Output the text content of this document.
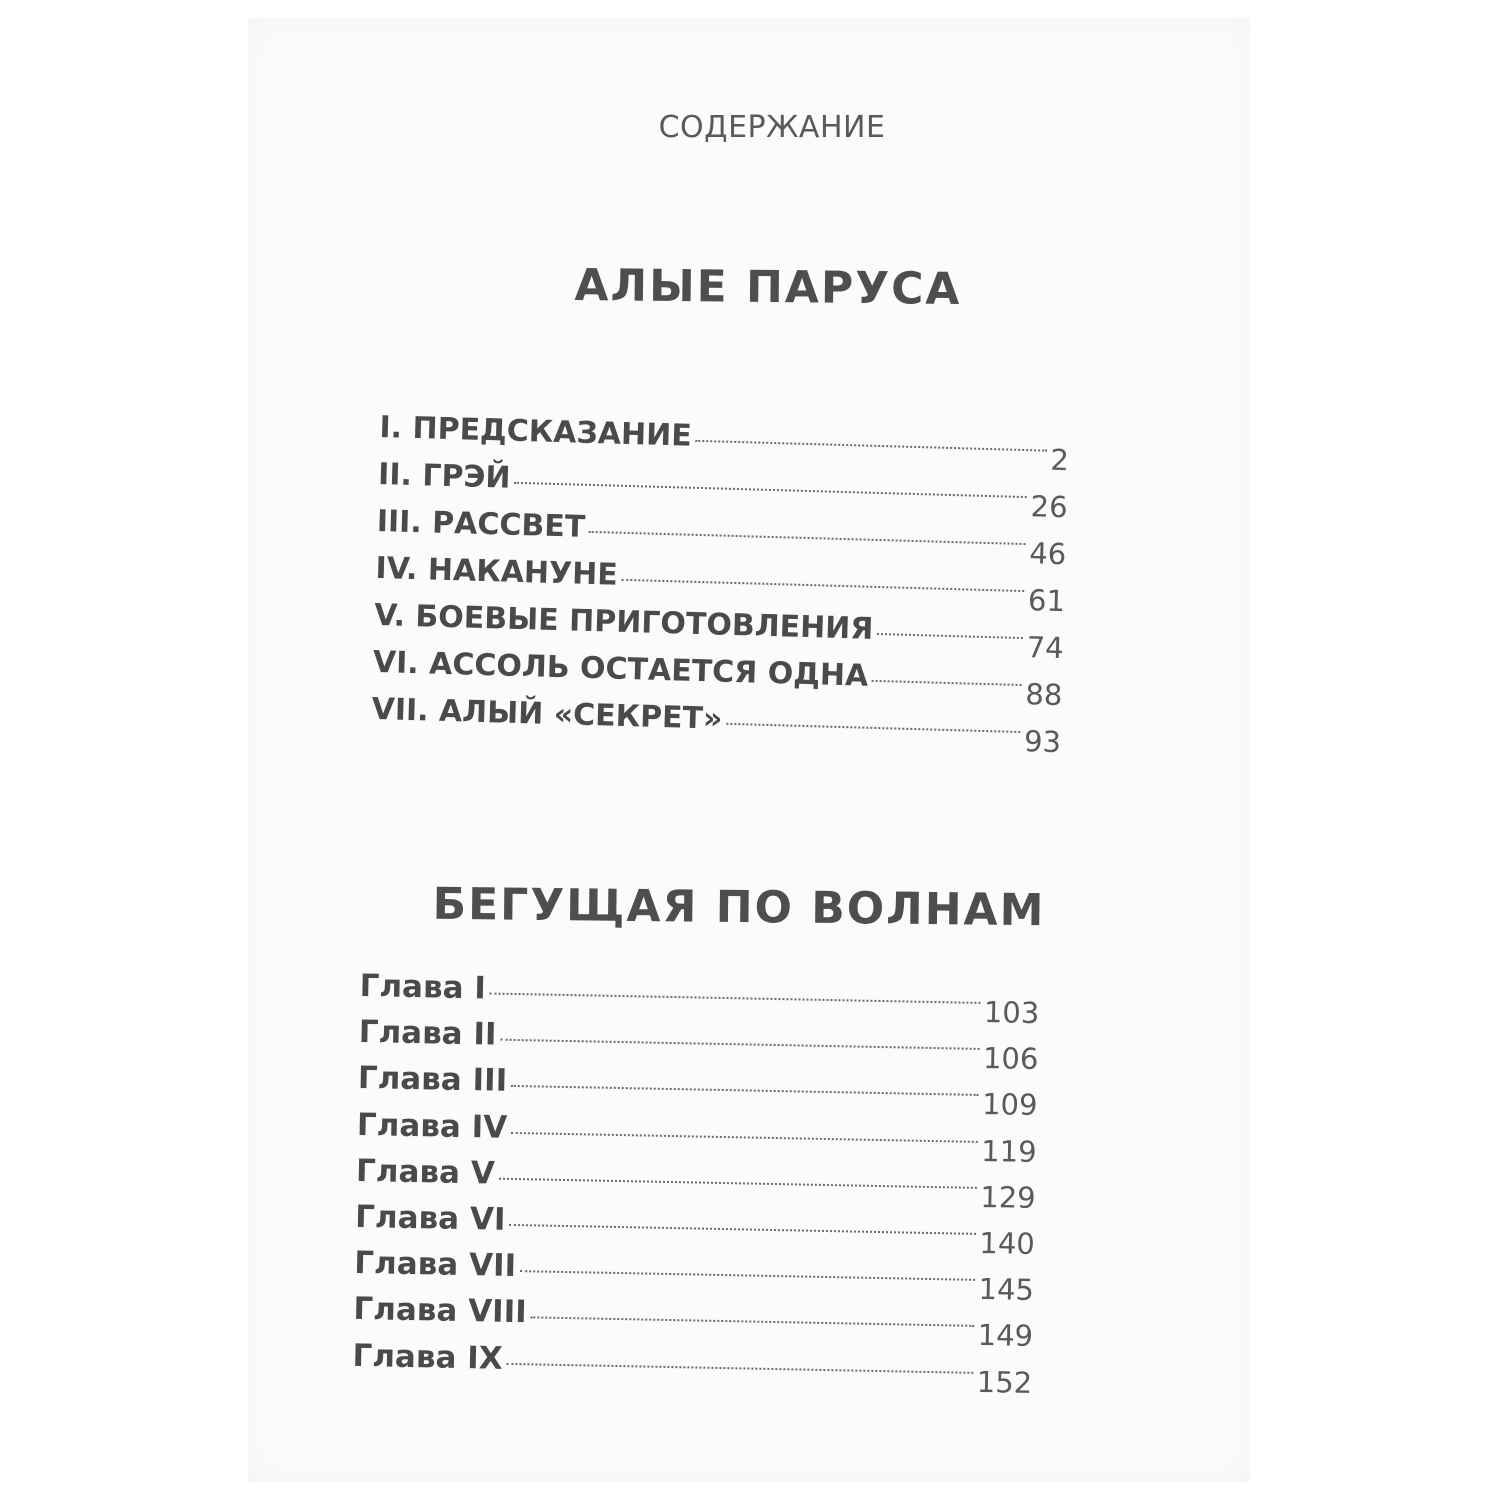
СОДЕРЖАНИЕ
АЛЫЕ ПАРУСА
I. ПРЕДСКАЗАНИЕ
2
II. ГРЭЙ
26
III. РАССВЕТ
46
IV. НАКАНУНЕ
61
V. БОЕВЫЕ ПРИГОТОВЛЕНИЯ
74
VI. АССОЛЬ ОСТАЕТСЯ ОДНА
88
VII. АЛЫЙ «СЕКРЕТ»
93
БЕГУЩАЯ ПО ВОЛНАМ
Глава I
103
Глава II
106
Глава III
109
Глава IV
119
Глава V
129
Глава VI
140
Глава VII
145
Глава VIII
149
Глава IX
152
